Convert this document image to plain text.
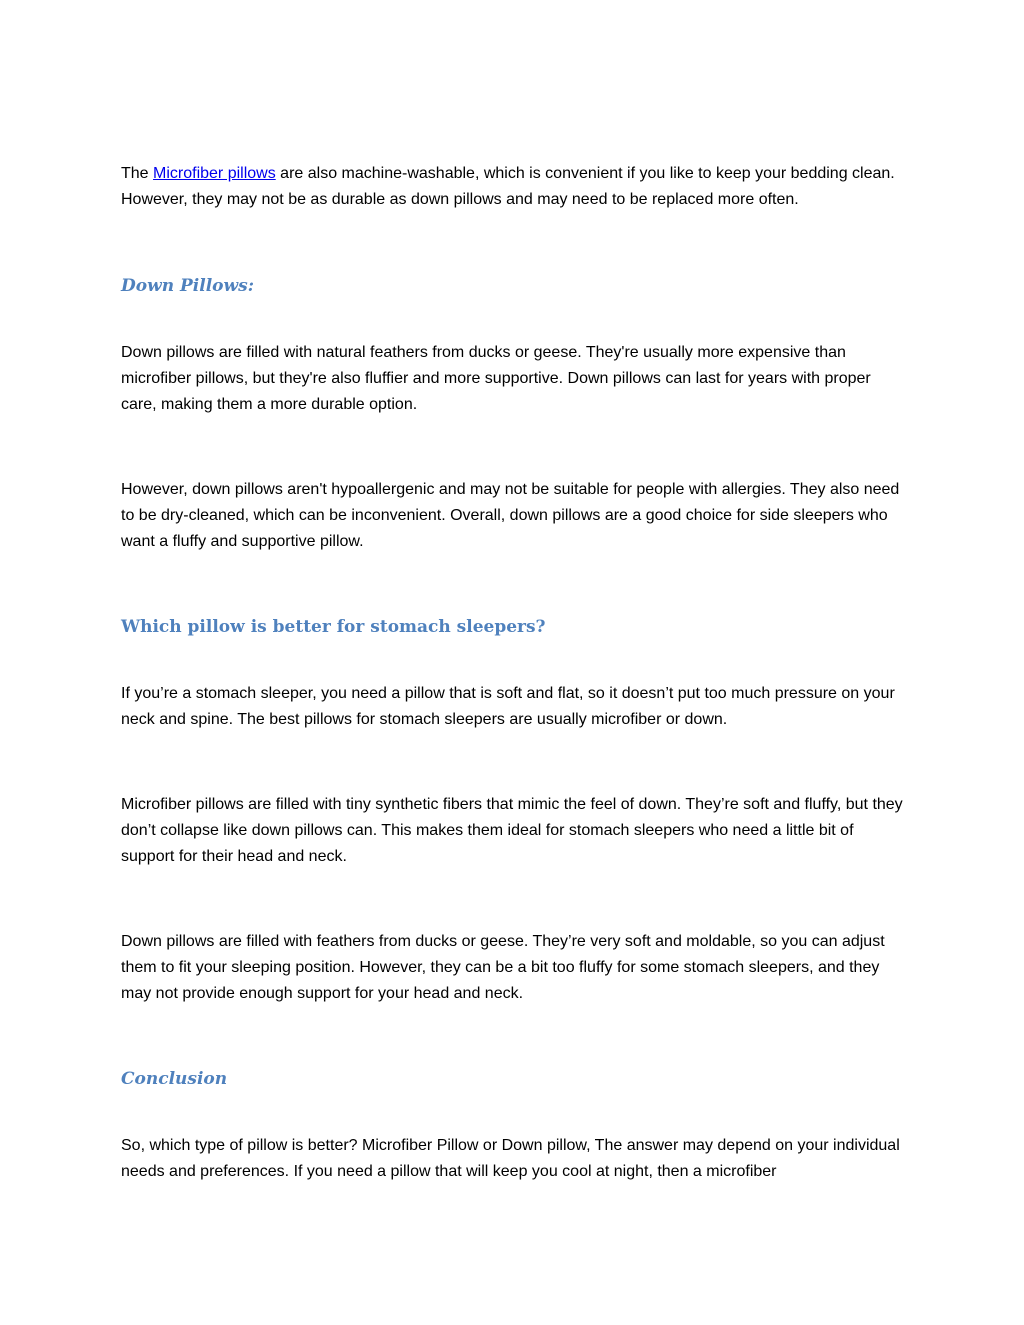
The Microfiber pillows are also machine-washable, which is convenient if you like to keep your bedding clean. However, they may not be as durable as down pillows and may need to be replaced more often.

Down Pillows:

Down pillows are filled with natural feathers from ducks or geese. They're usually more expensive than microfiber pillows, but they're also fluffier and more supportive. Down pillows can last for years with proper care, making them a more durable option.

However, down pillows aren't hypoallergenic and may not be suitable for people with allergies. They also need to be dry-cleaned, which can be inconvenient. Overall, down pillows are a good choice for side sleepers who want a fluffy and supportive pillow.

Which pillow is better for stomach sleepers?

If you’re a stomach sleeper, you need a pillow that is soft and flat, so it doesn’t put too much pressure on your neck and spine. The best pillows for stomach sleepers are usually microfiber or down.

Microfiber pillows are filled with tiny synthetic fibers that mimic the feel of down. They’re soft and fluffy, but they don’t collapse like down pillows can. This makes them ideal for stomach sleepers who need a little bit of support for their head and neck.

Down pillows are filled with feathers from ducks or geese. They’re very soft and moldable, so you can adjust them to fit your sleeping position. However, they can be a bit too fluffy for some stomach sleepers, and they may not provide enough support for your head and neck.

Conclusion

So, which type of pillow is better? Microfiber Pillow or Down pillow, The answer may depend on your individual needs and preferences. If you need a pillow that will keep you cool at night, then a microfiber
